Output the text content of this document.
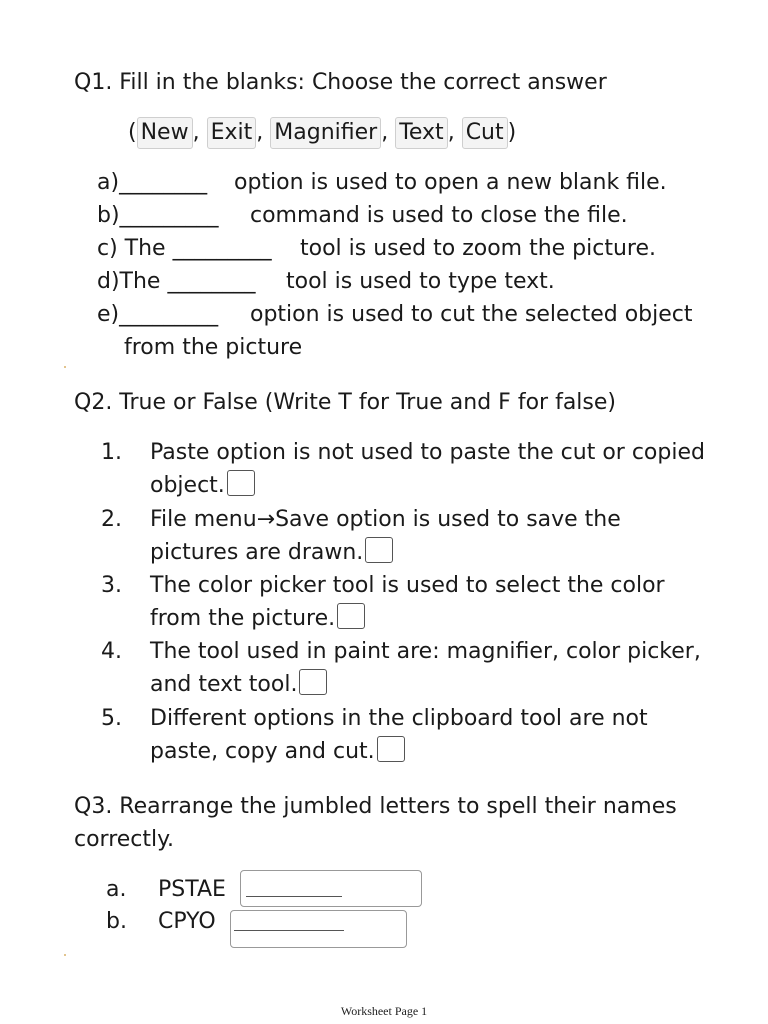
Q1. Fill in the blanks: Choose the correct answer
( New , Exit , Magnifier , Text , Cut )
a)________ option is used to open a new blank file.
b)_________ command is used to close the file.
c) The _________ tool is used to zoom the picture.
d)The ________ tool is used to type text.
e)_________ option is used to cut the selected object
from the picture
Q2. True or False (Write T for True and F for false)
1. Paste option is not used to paste the cut or copied
object.
2. File menu→Save option is used to save the
pictures are drawn.
3. The color picker tool is used to select the color
from the picture.
4. The tool used in paint are: magnifier, color picker,
and text tool.
5. Different options in the clipboard tool are not
paste, copy and cut.
Q3. Rearrange the jumbled letters to spell their names
correctly.
a. PSTAE
b. CPYO
Worksheet Page 1
